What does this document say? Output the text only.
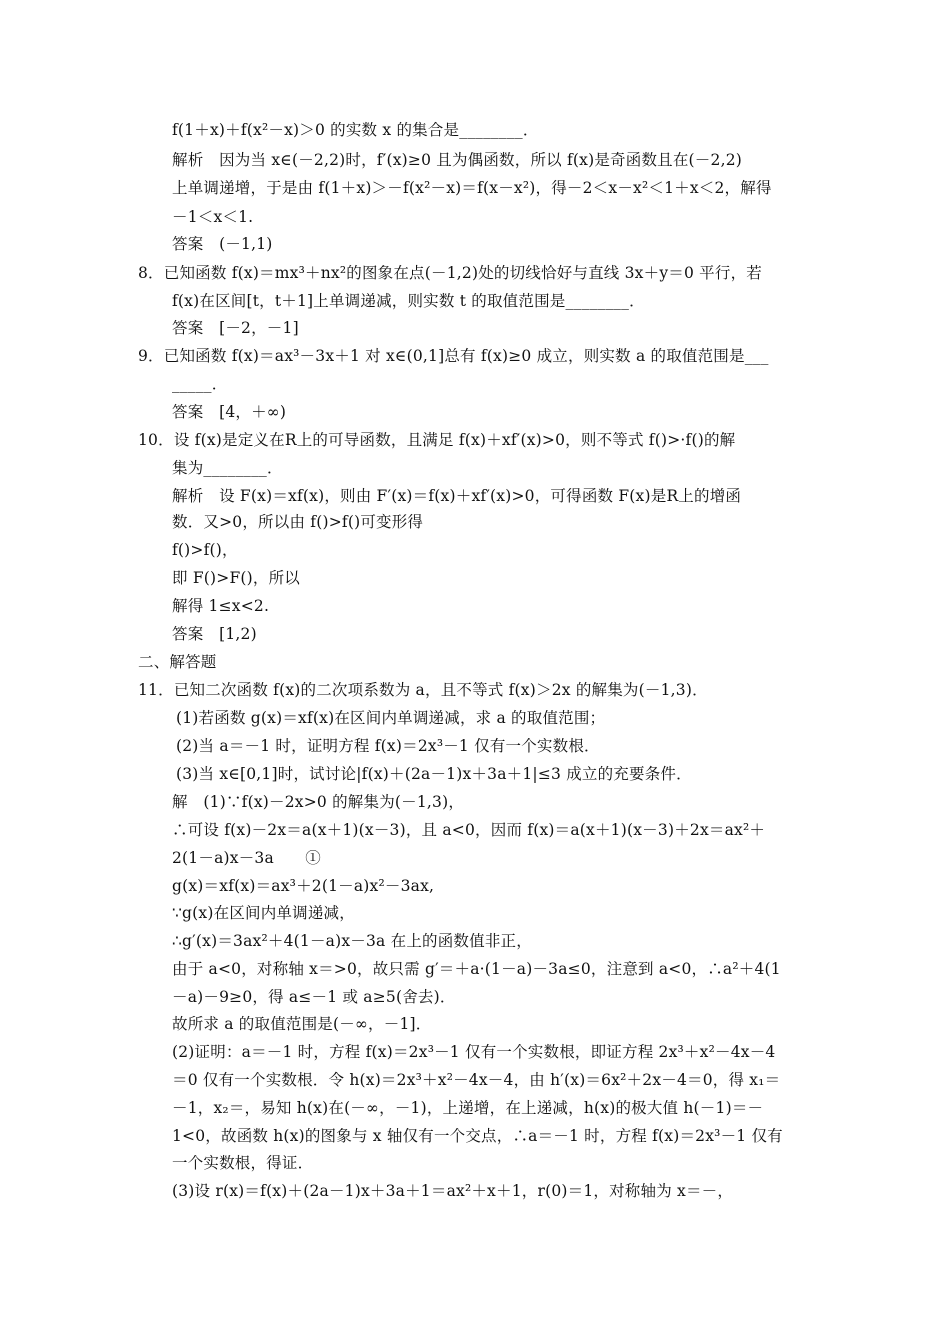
f(1＋x)＋f(x²－x)＞0 的实数 x 的集合是________．
解析　因为当 x∈(－2,2)时，f′(x)≥0 且为偶函数，所以 f(x)是奇函数且在(－2,2)
上单调递增，于是由 f(1＋x)＞－f(x²－x)＝f(x－x²)，得－2＜x－x²＜1＋x＜2，解得
－1＜x＜1.
答案　(－1,1)
8．已知函数 f(x)＝mx³＋nx²的图象在点(－1,2)处的切线恰好与直线 3x＋y＝0 平行，若
f(x)在区间[t，t＋1]上单调递减，则实数 t 的取值范围是________．
答案　[－2，－1]
9．已知函数 f(x)＝ax³－3x＋1 对 x∈(0,1]总有 f(x)≥0 成立，则实数 a 的取值范围是___
_____．
答案　[4，＋∞)
10．设 f(x)是定义在R上的可导函数，且满足 f(x)＋xf′(x)>0，则不等式 f()>·f()的解
集为________．
解析　设 F(x)＝xf(x)，则由 F′(x)＝f(x)＋xf′(x)>0，可得函数 F(x)是R上的增函
数．又>0，所以由 f()>f()可变形得
f()>f()，
即 F()>F()，所以
解得 1≤x<2.
答案　[1,2)
二、解答题
11．已知二次函数 f(x)的二次项系数为 a，且不等式 f(x)＞2x 的解集为(－1,3)．
(1)若函数 g(x)＝xf(x)在区间内单调递减，求 a 的取值范围；
(2)当 a＝－1 时，证明方程 f(x)＝2x³－1 仅有一个实数根．
(3)当 x∈[0,1]时，试讨论|f(x)＋(2a－1)x＋3a＋1|≤3 成立的充要条件．
解　(1)∵f(x)－2x>0 的解集为(－1,3)，
∴可设 f(x)－2x＝a(x＋1)(x－3)，且 a<0，因而 f(x)＝a(x＋1)(x－3)＋2x＝ax²＋
2(1－a)x－3a　　①
g(x)＝xf(x)＝ax³＋2(1－a)x²－3ax,
∵g(x)在区间内单调递减，
∴g′(x)＝3ax²＋4(1－a)x－3a 在上的函数值非正，
由于 a<0，对称轴 x＝>0，故只需 g′＝＋a·(1－a)－3a≤0，注意到 a<0，∴a²＋4(1
－a)－9≥0，得 a≤－1 或 a≥5(舍去)．
故所求 a 的取值范围是(－∞，－1]．
(2)证明：a＝－1 时，方程 f(x)＝2x³－1 仅有一个实数根，即证方程 2x³＋x²－4x－4
＝0 仅有一个实数根．令 h(x)＝2x³＋x²－4x－4，由 h′(x)＝6x²＋2x－4＝0，得 x₁＝
－1，x₂＝，易知 h(x)在(－∞，－1)，上递增，在上递减，h(x)的极大值 h(－1)＝－
1<0，故函数 h(x)的图象与 x 轴仅有一个交点，∴a＝－1 时，方程 f(x)＝2x³－1 仅有
一个实数根，得证．
(3)设 r(x)＝f(x)＋(2a－1)x＋3a＋1＝ax²＋x＋1，r(0)＝1，对称轴为 x＝－，
